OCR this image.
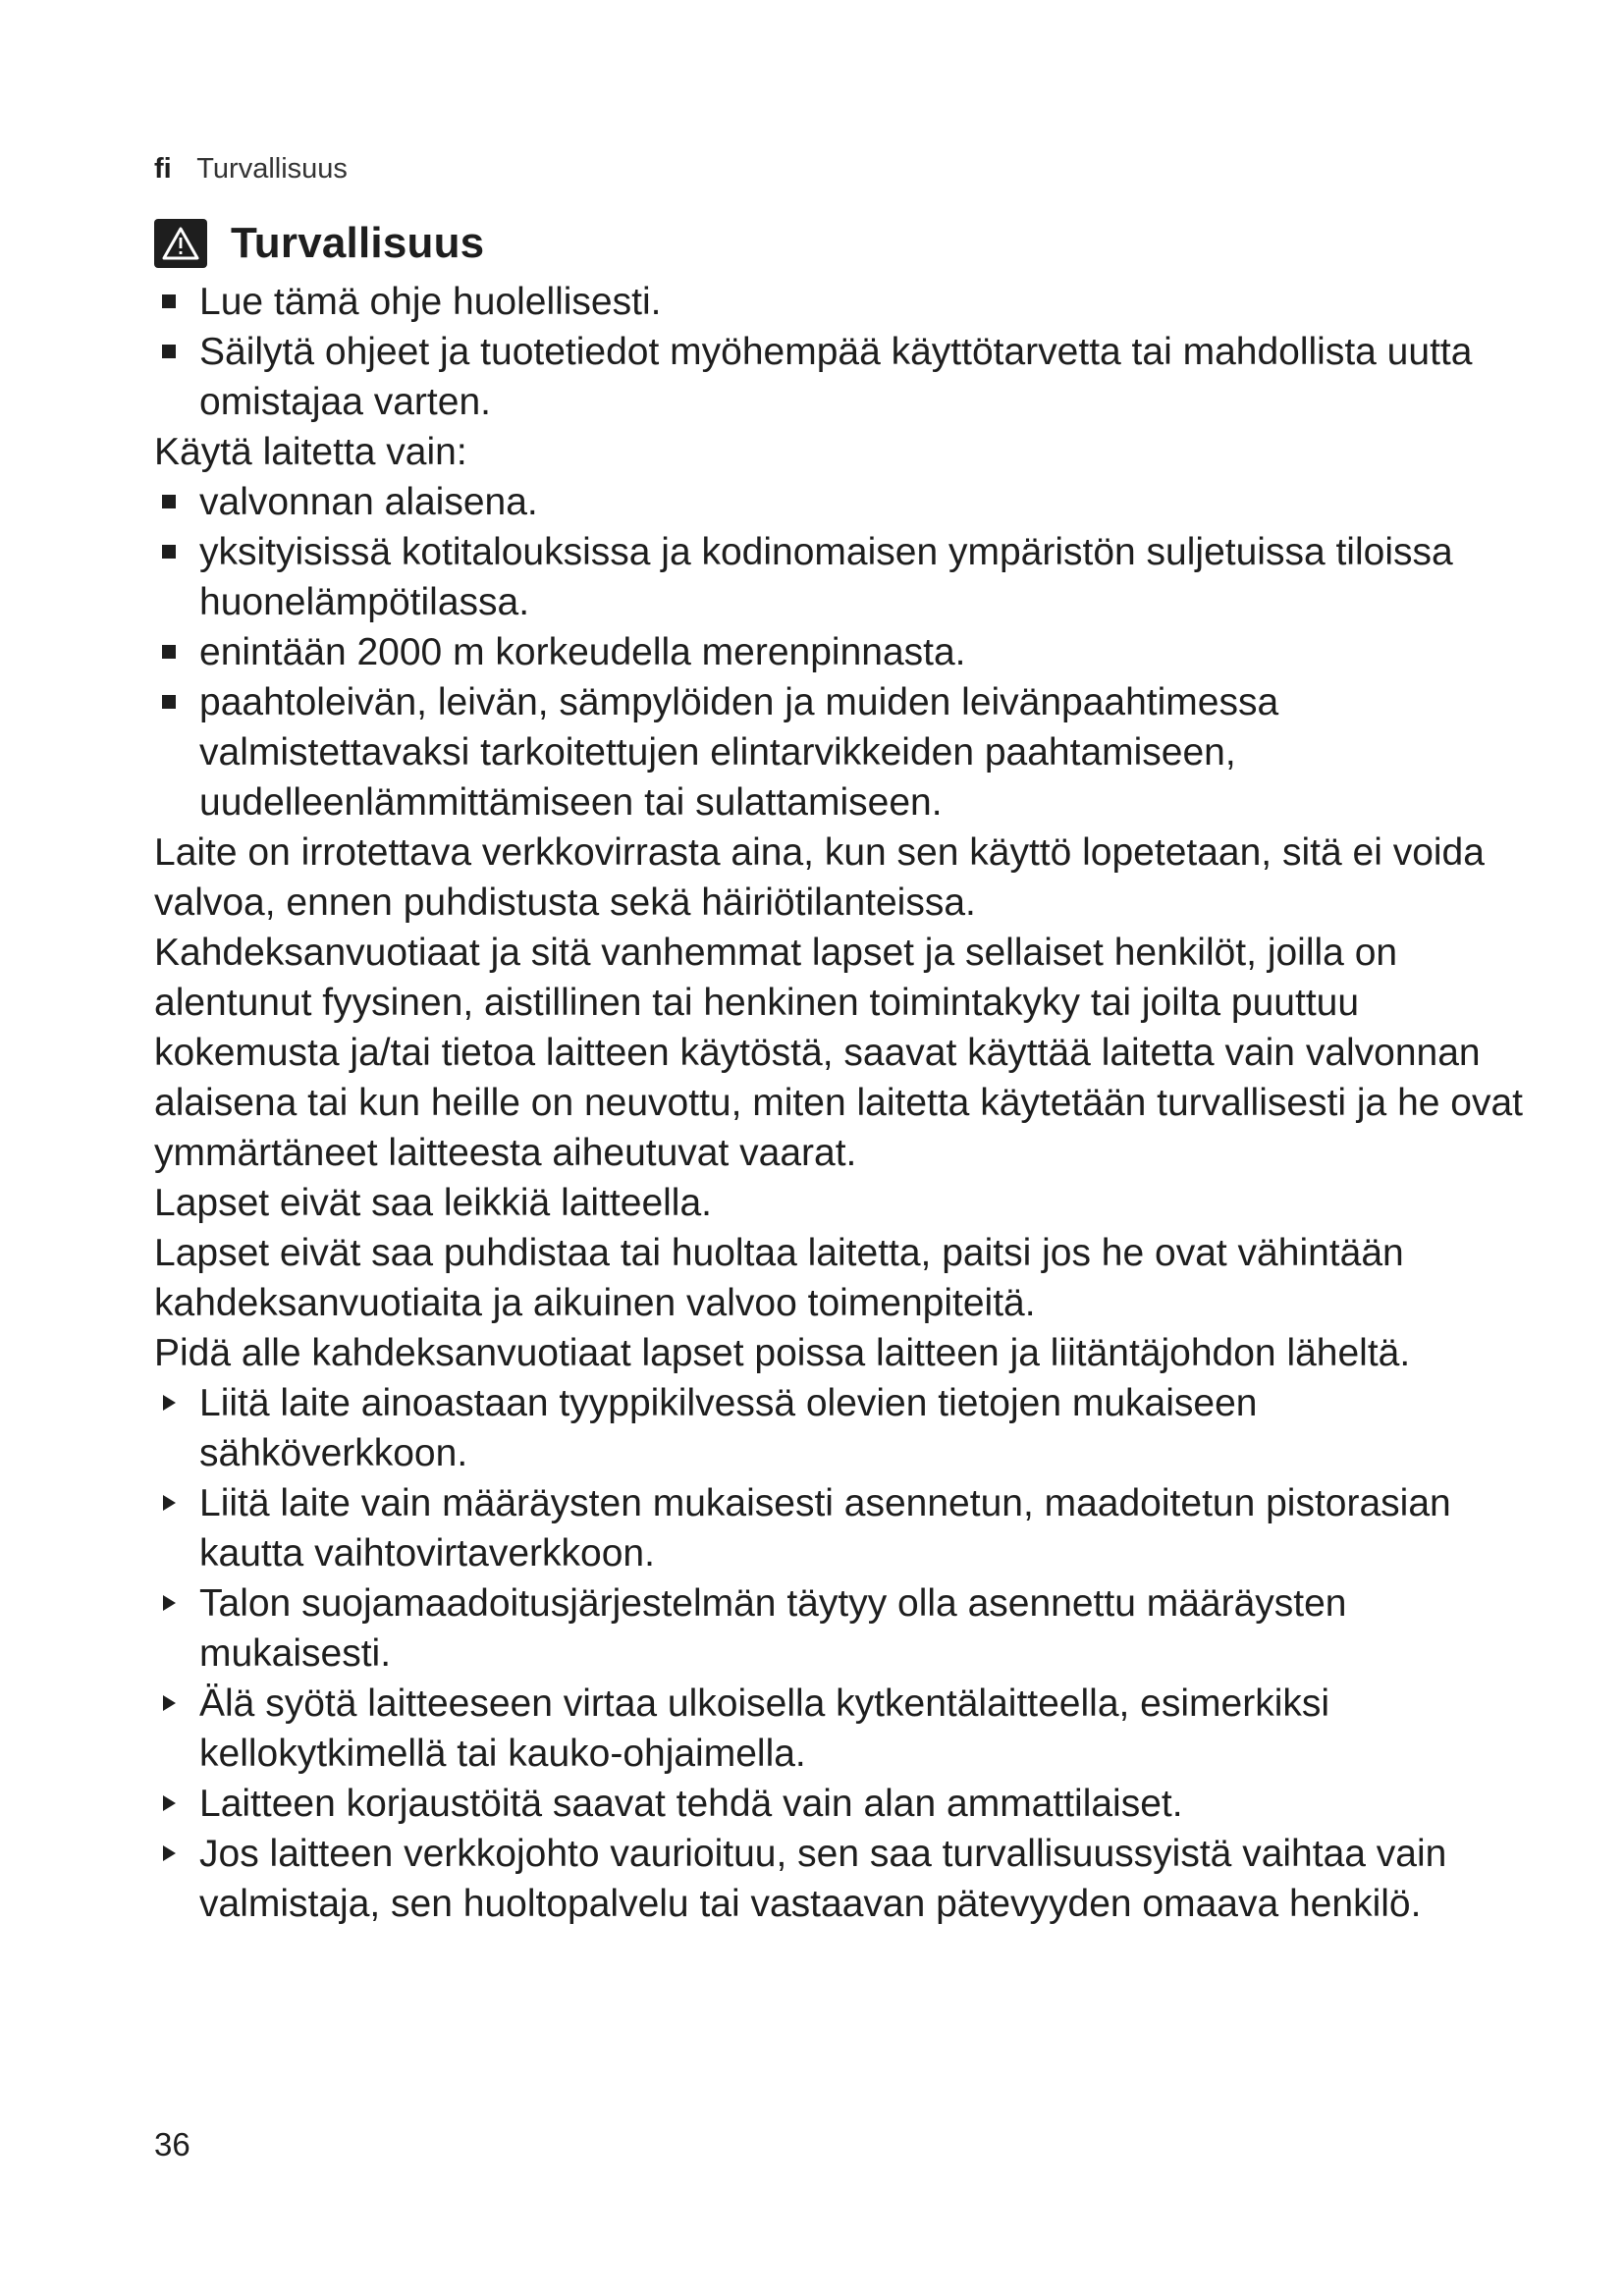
fi Turvallisuus
Turvallisuus
Lue tämä ohje huolellisesti.
Säilytä ohjeet ja tuotetiedot myöhempää käyttötarvetta tai mahdollista uutta omistajaa varten.
Käytä laitetta vain:
valvonnan alaisena.
yksityisissä kotitalouksissa ja kodinomaisen ympäristön suljetuissa tiloissa huonelämpötilassa.
enintään 2000 m korkeudella merenpinnasta.
paahtoleivän, leivän, sämpylöiden ja muiden leivänpaahtimessa valmistettavaksi tarkoitettujen elintarvikkeiden paahtamiseen, uudelleenlämmittämiseen tai sulattamiseen.
Laite on irrotettava verkkovirrasta aina, kun sen käyttö lopetetaan, sitä ei voida valvoa, ennen puhdistusta sekä häiriötilanteissa.
Kahdeksanvuotiaat ja sitä vanhemmat lapset ja sellaiset henkilöt, joilla on alentunut fyysinen, aistillinen tai henkinen toimintakyky tai joilta puuttuu kokemusta ja/tai tietoa laitteen käytöstä, saavat käyttää laitetta vain valvonnan alaisena tai kun heille on neuvottu, miten laitetta käytetään turvallisesti ja he ovat ymmärtäneet laitteesta aiheutuvat vaarat.
Lapset eivät saa leikkiä laitteella.
Lapset eivät saa puhdistaa tai huoltaa laitetta, paitsi jos he ovat vähintään kahdeksanvuotiaita ja aikuinen valvoo toimenpiteitä.
Pidä alle kahdeksanvuotiaat lapset poissa laitteen ja liitäntäjohdon läheltä.
Liitä laite ainoastaan tyyppikilvessä olevien tietojen mukaiseen sähköverkkoon.
Liitä laite vain määräysten mukaisesti asennetun, maadoitetun pistorasian kautta vaihtovirtaverkkoon.
Talon suojamaadoitusjärjestelmän täytyy olla asennettu määräysten mukaisesti.
Älä syötä laitteeseen virtaa ulkoisella kytkentälaitteella, esimerkiksi kellokytkimellä tai kauko-ohjaimella.
Laitteen korjaustöitä saavat tehdä vain alan ammattilaiset.
Jos laitteen verkkojohto vaurioituu, sen saa turvallisuussyistä vaihtaa vain valmistaja, sen huoltopalvelu tai vastaavan pätevyyden omaava henkilö.
36
